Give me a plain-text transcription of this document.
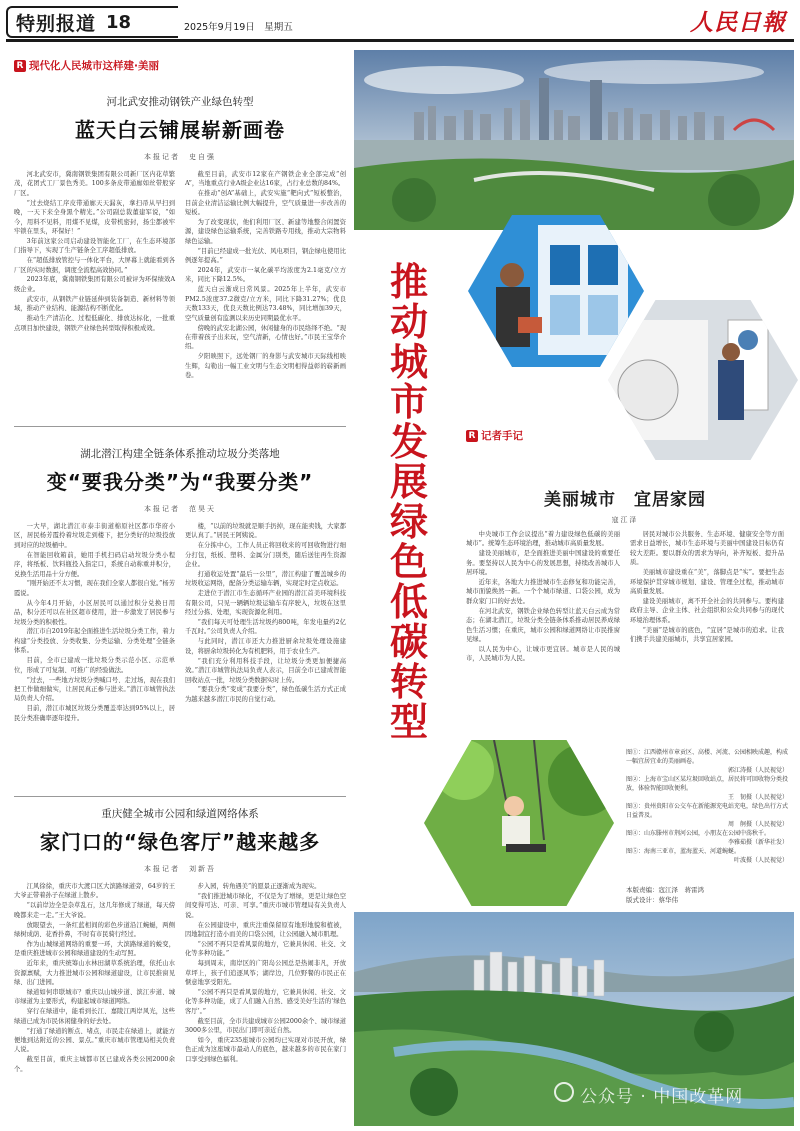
特别报道 18	2025年9月19日　星期五	人民日報
R 现代化人民城市这样建·美丽
河北武安推动钢铁产业绿色转型
蓝天白云铺展崭新画卷
本报记者　史自强

河北武安市，冀南钢铁集团有限公司新厂区内花草繁茂，花团式工厂景色秀美。100多条皮带通廊如丝带般穿厂区。

“过去烧结工序皮带通廊天天漏灰，拿扫帚从早扫到晚，一天下来全身黑个精光。”公司副总裁董建军说，“如今，用料不见料，用煤不见煤，皮带机密封，扬尘都被牢牢锁在里头，环保好！”

3年前这家公司启动建设智能化工厂，在生态环境部门指导下，实现了生产链条全工序超低排放。

在“超低排放管控与一体化平台，大屏幕上就能看到各厂区的实时数据，调度全流程高效协同。”

2023年底，冀南钢铁集团有限公司被评为环保绩效A级企业。

武安市，从钢铁产业链延伸到装备制造、新材料等领域，推动产业结构、能源结构不断优化。

推动生产清洁化、过程低碳化、排放达标化，一批重点项目加快建设，钢铁产业绿色转型取得积极成效。

截至目前，武安市12家在产钢铁企业全部完成“创A”，当地重点行业A级企业达16家，占行业总数的84%。

在推动“创A”基础上，武安实施“靶向式”短板整治，目前企业清洁运输比例大幅提升，空气质量进一步改善的短板。

为了改变现状，他们利用厂区、新建等地整合闲置资源，建设绿色运输系统，完善铁路专用线，推动大宗物料绿色运输。

“目前已经建成一批光伏、风电项目，钢企绿电使用比例逐年提高。”

2024年，武安市一氧化碳平均浓度为2.1毫克/立方米，同比下降12.5%。

蓝天白云渐成日常风景。2025年上半年，武安市PM2.5浓度37.2微克/立方米，同比下降31.27%；优良天数133天，优良天数比例达73.48%，同比增加39天，空气质量创有监测以来历史同期最优水平。

傍晚的武安北湖公园，休闲健身的市民络绎不绝。“现在带着孩子出来玩，空气清新，心情也好。”市民王宝华介绍。

夕阳映照下，远处钢厂的身影与武安城市天际线相映生辉，勾勒出一幅工业文明与生态文明相得益彰的崭新画卷。

湖北潜江构建全链条体系推动垃圾分类落地
变“要我分类”为“我要分类”
本报记者　范昊天

一大早，湖北潜江市泰丰街道棉原社区都市华府小区，居民杨芳霞拎着垃圾走到楼下，把分类好的垃圾投放到对应的垃圾桶中。

在智能回收箱前，她用手机扫码启动垃圾分类小程序，将纸板、饮料瓶投入指定口，系统自动称重并积分，兑换生活用品十分方便。

“刚开始还不太习惯，现在我们全家人都很自觉。”杨芳霞说。

从今年4月开始，小区居民可以通过积分兑换日用品，积分还可以在社区超市使用，进一步激发了居民参与垃圾分类的积极性。

潜江市自2019年起全面推进生活垃圾分类工作，着力构建“分类投放、分类收集、分类运输、分类处理”全链条体系。

目前，全市已建成一批垃圾分类示范小区、示范单位，形成了可复制、可推广的经验做法。

“过去，一些地方垃圾分类喊口号、走过场，现在我们把工作做细做实，让居民真正参与进来。”潜江市城管执法局负责人介绍。

目前，潜江市城区垃圾分类覆盖率达到95%以上，居民分类准确率逐年提升。

楼，“以前的垃圾就是顺手扔掉，现在能卖钱，大家都更认真了。”居民王阿姨说。

在分拣中心，工作人员正将回收来的可回收物进行细分打包，纸板、塑料、金属分门别类，随后送往再生资源企业。

打通收运处置“最后一公里”，潜江构建了覆盖城乡的垃圾收运网络，配备分类运输车辆，实现定时定点收运。

走进位于潜江市生态循环产业园的潜江首美环境科技有限公司，只见一辆辆垃圾运输车有序驶入，垃圾在这里经过分拣、处理，实现资源化利用。

“我们每天可处理生活垃圾约800吨，年发电量约2亿千瓦时。”公司负责人介绍。

与此同时，潜江市还大力推进厨余垃圾处理设施建设，将厨余垃圾转化为有机肥料，用于农业生产。

“我们充分利用科技手段，让垃圾分类更加便捷高效。”潜江市城管执法局负责人表示，目前全市已建成智能回收站点一批，垃圾分类数据实时上传。

“要我分类”变成“我要分类”，绿色低碳生活方式正成为越来越多潜江市民的自觉行动。

重庆健全城市公园和绿道网络体系
家门口的“绿色客厅”越来越多
本报记者　刘新吾

江风徐徐，重庆市大渡口区大滨路绿道旁，64岁的王大爷正带着孙子在绿道上散步。

“以前岸边全是杂草乱石，这几年修成了绿道，每天傍晚都来走一走。”王大爷说。

放眼望去，一条红蓝相间的彩色步道沿江蜿蜒，两侧绿树成荫、花香扑鼻，不时有市民骑行经过。

作为山城绿道网络的重要一环，大滨路绿道的蜕变，是重庆推进城市公园和绿道建设的生动写照。

近年来，重庆统筹山水林田湖草系统治理，依托山水资源禀赋，大力推进城市公园和绿道建设，让市民推窗见绿、出门进园。

绿道如何串联城市？重庆以山城步道、滨江步道、城市绿道为主要形式，构建起城市绿道网络。

穿行在绿道中，能看到长江、嘉陵江两岸风光，这些绿道已成为市民休闲健身的好去处。

“打通了绿道的断点、堵点，市民走在绿道上，就能方便地到达附近的公园、景点。”重庆市城市管理局相关负责人说。

截至目前，重庆主城都市区已建成各类公园2000余个。

步入园，转角遇美”的愿景正逐渐成为现实。

“我们推进城市绿化，不仅是为了增绿，更是让绿色空间变得可达、可亲、可享。”重庆市城市管理局有关负责人说。

在公园建设中，重庆注重保留原有地形地貌和植被，因地制宜打造小而美的口袋公园，让公园融入城市肌理。

“公园不再只是看风景的地方，它兼具休闲、社交、文化等多种功能。”

每到周末，南岸区的广阳岛公园总是热闹非凡，开放草坪上，孩子们追逐风筝；湖岸边，几位野餐的市民正在惬意地享受阳光。

“公园不再只是看风景的地方，它兼具休闲、社交、文化等多种功能，成了人们融入自然、感受美好生活的‘绿色客厅’。”

截至目前，全市共建成城市公园2000余个、城市绿道3000多公里，市民出门即可亲近自然。

如今，重庆235座城市公园均已实现对市民开放，绿色正成为这座城市最动人的底色，越来越多的市民在家门口享受到绿色福利。

推动城市发展绿色低碳转型
R 记者手记
美丽城市　宜居家园
寇江泽

中央城市工作会议提出“着力建设绿色低碳的美丽城市”。统筹生态环境治理，推动城市高质量发展。

建设美丽城市，是全面推进美丽中国建设的重要任务。要坚持以人民为中心的发展思想，持续改善城市人居环境。

近年来，各地大力推进城市生态修复和功能完善，城市面貌焕然一新。一个个城市绿道、口袋公园，成为群众家门口的好去处。

在河北武安，钢铁企业绿色转型让蓝天白云成为常态；在湖北潜江，垃圾分类全链条体系推动居民养成绿色生活习惯；在重庆，城市公园和绿道网络让市民推窗见绿。

以人民为中心，让城市更宜居。城市是人民的城市，人民城市为人民。

居民对城市公共服务、生态环境、健康安全等方面需求日益增长，城市生态环境与美丽中国建设目标仍有较大差距。要以群众的需求为导向，补齐短板、提升品质。

美丽城市建设重在“美”，落脚点是“实”。要把生态环境保护贯穿城市规划、建设、管理全过程，推动城市高质量发展。

建设美丽城市，离不开全社会的共同参与。要构建政府主导、企业主体、社会组织和公众共同参与的现代环境治理体系。

“美丽”是城市的底色，“宜居”是城市的追求。让我们携手共建美丽城市，共享宜居家园。

图①：江西赣州市章贡区、高楼、河流、公园相映成趣，构成一幅宜居宜业的美丽画卷。
郭江涛摄（人民视觉）
图②：上海市宝山区某垃圾回收站点，居民将可回收物分类投放，体验智能回收便利。
王　韧摄（人民视觉）
图③：贵州贵阳市公交车在新能源充电站充电，绿色出行方式日益普及。
周　舸摄（人民视觉）
图④：山东滕州市荆河公园，小朋友在公园中荡秋千。
李雅茹摄（新华社发）
图⑤：海南三亚市，蓝海蓝天、河道蜿蜒。
叶波摄（人民视觉）
本版责编：寇江泽　蒋雷鸿
版式设计：蔡华伟
公众号 · 中国改革网
